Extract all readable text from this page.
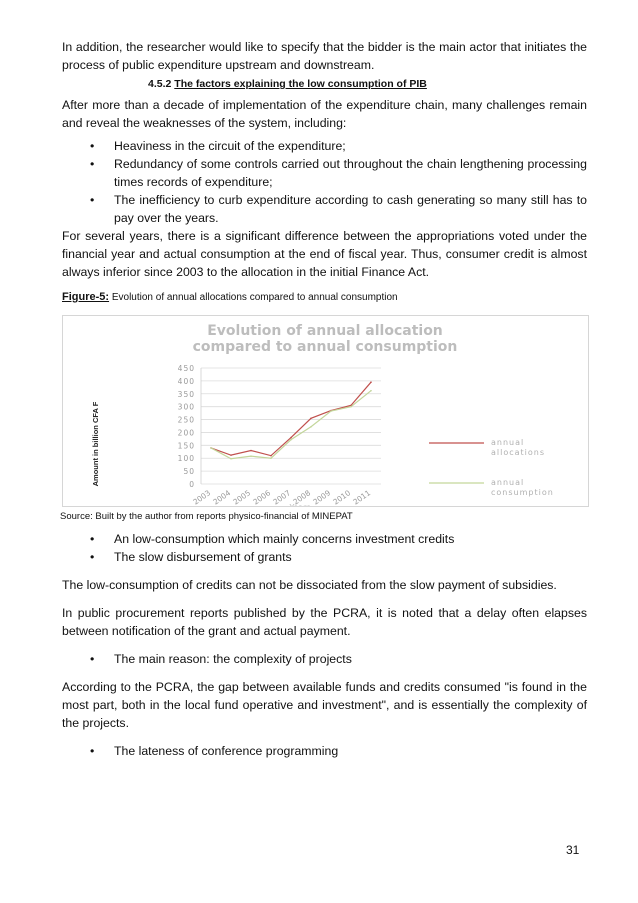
In addition, the researcher would like to specify that the bidder is the main actor that initiates the process of public expenditure upstream and downstream.

4.5.2 The factors explaining the low consumption of PIB

After more than a decade of implementation of the expenditure chain, many challenges remain and reveal the weaknesses of the system, including:

• Heaviness in the circuit of the expenditure;
• Redundancy of some controls carried out throughout the chain lengthening processing times records of expenditure;
• The inefficiency to curb expenditure according to cash generating so many still has to pay over the years.

For several years, there is a significant difference between the appropriations voted under the financial year and actual consumption at the end of fiscal year. Thus, consumer credit is almost always inferior since 2003 to the allocation in the initial Finance Act.

Figure-5: Evolution of annual allocations compared to annual consumption
Evolution of annual allocation
compared to annual consumption
Amount in billion CFA F	0
50
100
150
200
250
300
350
400
450
2003 2004 2005 2006 2007 2008 2009 2010 2011
annual
allocations
annual
consumption
Source: Built by the author from reports physico-financial of MINEPAT
• An low-consumption which mainly concerns investment credits
• The slow disbursement of grants

The low-consumption of credits can not be dissociated from the slow payment of subsidies.

In public procurement reports published by the PCRA, it is noted that a delay often elapses between notification of the grant and actual payment.

• The main reason: the complexity of projects

According to the PCRA, the gap between available funds and credits consumed "is found in the most part, both in the local fund operative and investment", and is essentially the complexity of the projects.

• The lateness of conference programming
31
